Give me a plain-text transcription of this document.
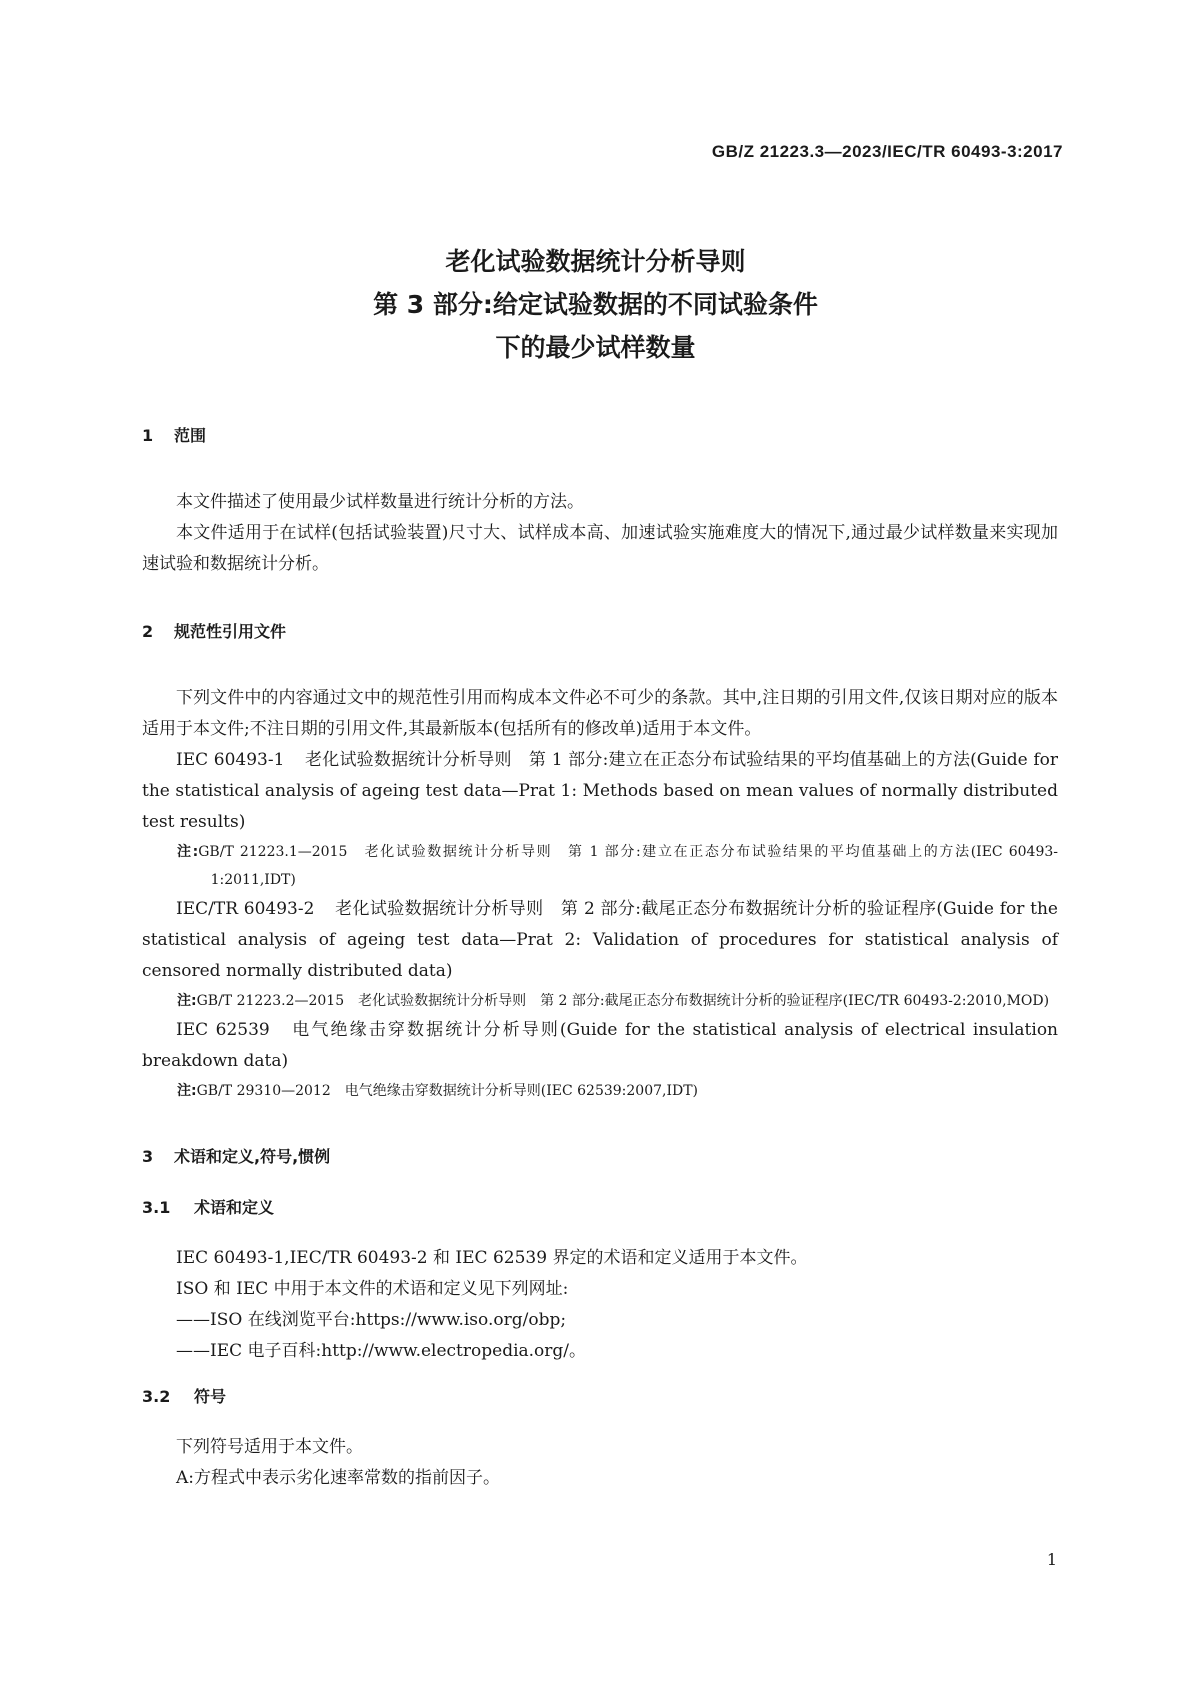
GB/Z 21223.3—2023/IEC/TR 60493-3:2017
老化试验数据统计分析导则
第 3 部分:给定试验数据的不同试验条件
下的最少试样数量
1 范围

本文件描述了使用最少试样数量进行统计分析的方法。

本文件适用于在试样(包括试验装置)尺寸大、试样成本高、加速试验实施难度大的情况下,通过最少试样数量来实现加速试验和数据统计分析。

2 规范性引用文件

下列文件中的内容通过文中的规范性引用而构成本文件必不可少的条款。其中,注日期的引用文件,仅该日期对应的版本适用于本文件;不注日期的引用文件,其最新版本(包括所有的修改单)适用于本文件。

IEC 60493-1 老化试验数据统计分析导则　第 1 部分:建立在正态分布试验结果的平均值基础上的方法(Guide for the statistical analysis of ageing test data—Prat 1: Methods based on mean values of normally distributed test results)

注:GB/T 21223.1—2015　老化试验数据统计分析导则　第 1 部分:建立在正态分布试验结果的平均值基础上的方法(IEC 60493-1:2011,IDT)

IEC/TR 60493-2 老化试验数据统计分析导则　第 2 部分:截尾正态分布数据统计分析的验证程序(Guide for the statistical analysis of ageing test data—Prat 2: Validation of procedures for statistical analysis of censored normally distributed data)

注:GB/T 21223.2—2015　老化试验数据统计分析导则　第 2 部分:截尾正态分布数据统计分析的验证程序(IEC/TR 60493-2:2010,MOD)

IEC 62539 电气绝缘击穿数据统计分析导则(Guide for the statistical analysis of electrical insulation breakdown data)

注:GB/T 29310—2012　电气绝缘击穿数据统计分析导则(IEC 62539:2007,IDT)
3 术语和定义,符号,惯例
3.1 术语和定义

IEC 60493-1,IEC/TR 60493-2 和 IEC 62539 界定的术语和定义适用于本文件。

ISO 和 IEC 中用于本文件的术语和定义见下列网址:

——ISO 在线浏览平台:https://www.iso.org/obp;

——IEC 电子百科:http://www.electropedia.org/。

3.2 符号

下列符号适用于本文件。

A:方程式中表示劣化速率常数的指前因子。

1
